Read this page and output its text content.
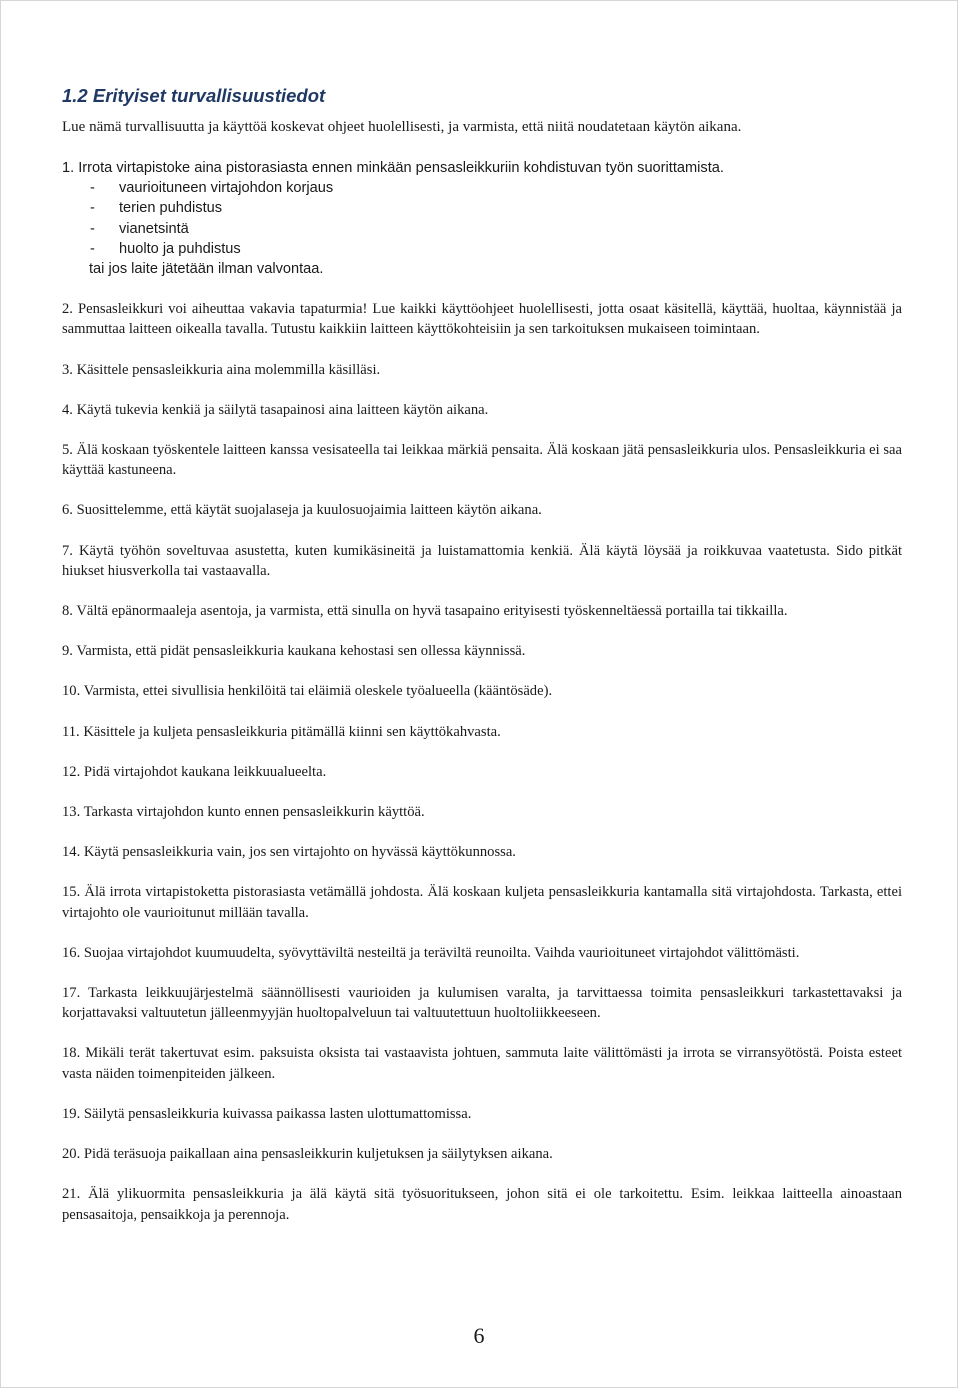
1.2 Erityiset turvallisuustiedot

Lue nämä turvallisuutta ja käyttöä koskevat ohjeet huolellisesti, ja varmista, että niitä noudatetaan käytön aikana.

1. Irrota virtapistoke aina pistorasiasta ennen minkään pensasleikkuriin kohdistuvan työn suorittamista.
- vaurioituneen virtajohdon korjaus
- terien puhdistus
- vianetsintä
- huolto ja puhdistus
tai jos laite jätetään ilman valvontaa.

2. Pensasleikkuri voi aiheuttaa vakavia tapaturmia! Lue kaikki käyttöohjeet huolellisesti, jotta osaat käsitellä, käyttää, huoltaa, käynnistää ja sammuttaa laitteen oikealla tavalla. Tutustu kaikkiin laitteen käyttökohteisiin ja sen tarkoituksen mukaiseen toimintaan.

3. Käsittele pensasleikkuria aina molemmilla käsilläsi.

4. Käytä tukevia kenkiä ja säilytä tasapainosi aina laitteen käytön aikana.

5. Älä koskaan työskentele laitteen kanssa vesisateella tai leikkaa märkiä pensaita. Älä koskaan jätä pensasleikkuria ulos. Pensasleikkuria ei saa käyttää kastuneena.

6. Suosittelemme, että käytät suojalaseja ja kuulosuojaimia laitteen käytön aikana.

7. Käytä työhön soveltuvaa asustetta, kuten kumikäsineitä ja luistamattomia kenkiä. Älä käytä löysää ja roikkuvaa vaatetusta. Sido pitkät hiukset hiusverkolla tai vastaavalla.

8. Vältä epänormaaleja asentoja, ja varmista, että sinulla on hyvä tasapaino erityisesti työskenneltäessä portailla tai tikkailla.

9. Varmista, että pidät pensasleikkuria kaukana kehostasi sen ollessa käynnissä.

10. Varmista, ettei sivullisia henkilöitä tai eläimiä oleskele työalueella (kääntösäde).

11. Käsittele ja kuljeta pensasleikkuria pitämällä kiinni sen käyttökahvasta.

12. Pidä virtajohdot kaukana leikkuualueelta.

13. Tarkasta virtajohdon kunto ennen pensasleikkurin käyttöä.

14. Käytä pensasleikkuria vain, jos sen virtajohto on hyvässä käyttökunnossa.

15. Älä irrota virtapistoketta pistorasiasta vetämällä johdosta. Älä koskaan kuljeta pensasleikkuria kantamalla sitä virtajohdosta. Tarkasta, ettei virtajohto ole vaurioitunut millään tavalla.

16. Suojaa virtajohdot kuumuudelta, syövyttäviltä nesteiltä ja teräviltä reunoilta. Vaihda vaurioituneet virtajohdot välittömästi.

17. Tarkasta leikkuujärjestelmä säännöllisesti vaurioiden ja kulumisen varalta, ja tarvittaessa toimita pensasleikkuri tarkastettavaksi ja korjattavaksi valtuutetun jälleenmyyjän huoltopalveluun tai valtuutettuun huoltoliikkeeseen.

18. Mikäli terät takertuvat esim. paksuista oksista tai vastaavista johtuen, sammuta laite välittömästi ja irrota se virransyötöstä. Poista esteet vasta näiden toimenpiteiden jälkeen.

19. Säilytä pensasleikkuria kuivassa paikassa lasten ulottumattomissa.

20. Pidä teräsuoja paikallaan aina pensasleikkurin kuljetuksen ja säilytyksen aikana.

21. Älä ylikuormita pensasleikkuria ja älä käytä sitä työsuoritukseen, johon sitä ei ole tarkoitettu. Esim. leikkaa laitteella ainoastaan pensasaitoja, pensaikkoja ja perennoja.

6
